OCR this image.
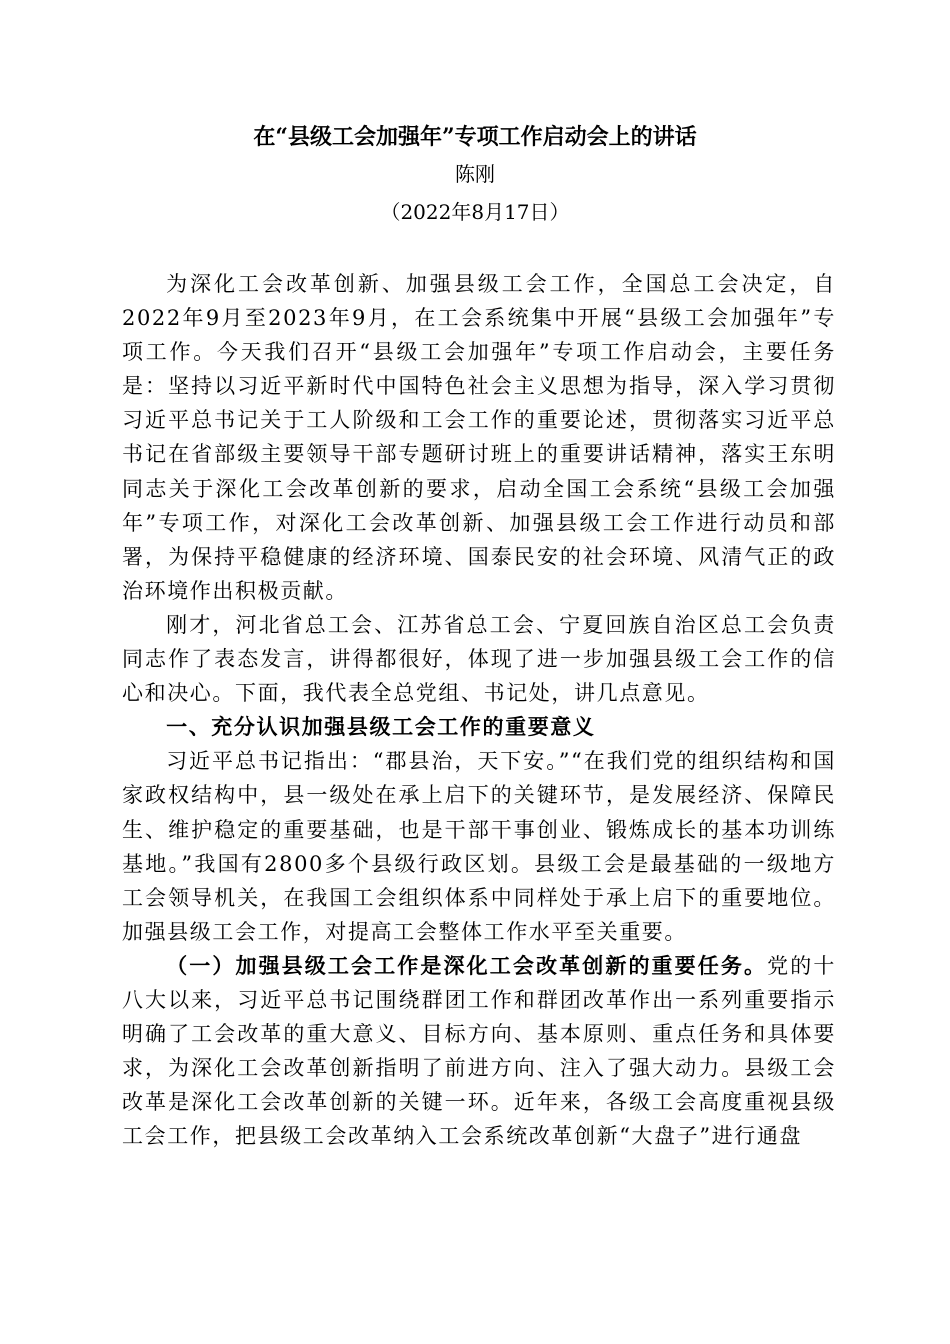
在“县级工会加强年”专项工作启动会上的讲话
陈刚
（2022年8月17日）

为深化工会改革创新、加强县级工会工作，全国总工会决定，自2022年9月至2023年9月，在工会系统集中开展“县级工会加强年”专项工作。今天我们召开“县级工会加强年”专项工作启动会，主要任务是：坚持以习近平新时代中国特色社会主义思想为指导，深入学习贯彻习近平总书记关于工人阶级和工会工作的重要论述，贯彻落实习近平总书记在省部级主要领导干部专题研讨班上的重要讲话精神，落实王东明同志关于深化工会改革创新的要求，启动全国工会系统“县级工会加强年”专项工作，对深化工会改革创新、加强县级工会工作进行动员和部署，为保持平稳健康的经济环境、国泰民安的社会环境、风清气正的政治环境作出积极贡献。

刚才，河北省总工会、江苏省总工会、宁夏回族自治区总工会负责同志作了表态发言，讲得都很好，体现了进一步加强县级工会工作的信心和决心。下面，我代表全总党组、书记处，讲几点意见。

一、充分认识加强县级工会工作的重要意义

习近平总书记指出：“郡县治，天下安。”“在我们党的组织结构和国家政权结构中，县一级处在承上启下的关键环节，是发展经济、保障民生、维护稳定的重要基础，也是干部干事创业、锻炼成长的基本功训练基地。”我国有2800多个县级行政区划。县级工会是最基础的一级地方工会领导机关，在我国工会组织体系中同样处于承上启下的重要地位。加强县级工会工作，对提高工会整体工作水平至关重要。

（一）加强县级工会工作是深化工会改革创新的重要任务。党的十八大以来，习近平总书记围绕群团工作和群团改革作出一系列重要指示明确了工会改革的重大意义、目标方向、基本原则、重点任务和具体要求，为深化工会改革创新指明了前进方向、注入了强大动力。县级工会改革是深化工会改革创新的关键一环。近年来，各级工会高度重视县级工会工作，把县级工会改革纳入工会系统改革创新“大盘子”进行通盘
